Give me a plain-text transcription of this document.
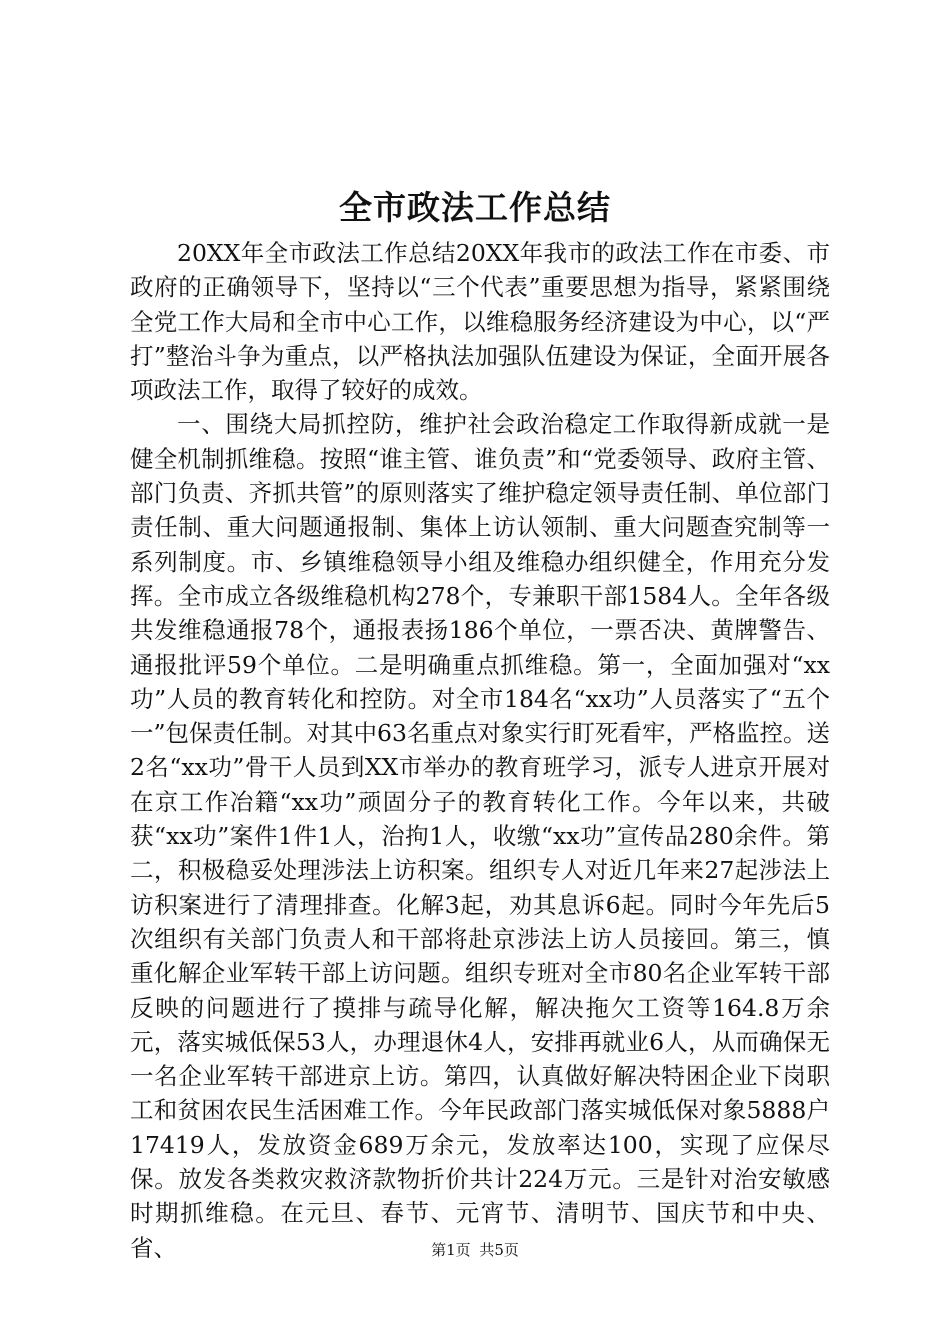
全市政法工作总结

20XX年全市政法工作总结20XX年我市的政法工作在市委、市政府的正确领导下，坚持以“三个代表”重要思想为指导，紧紧围绕全党工作大局和全市中心工作，以维稳服务经济建设为中心，以“严打”整治斗争为重点，以严格执法加强队伍建设为保证，全面开展各项政法工作，取得了较好的成效。

一、围绕大局抓控防，维护社会政治稳定工作取得新成就一是健全机制抓维稳。按照“谁主管、谁负责”和“党委领导、政府主管、部门负责、齐抓共管”的原则落实了维护稳定领导责任制、单位部门责任制、重大问题通报制、集体上访认领制、重大问题查究制等一系列制度。市、乡镇维稳领导小组及维稳办组织健全，作用充分发挥。全市成立各级维稳机构278个，专兼职干部1584人。全年各级共发维稳通报78个，通报表扬186个单位，一票否决、黄牌警告、通报批评59个单位。二是明确重点抓维稳。第一，全面加强对“xx功”人员的教育转化和控防。对全市184名“xx功”人员落实了“五个一”包保责任制。对其中63名重点对象实行盯死看牢，严格监控。送2名“xx功”骨干人员到XX市举办的教育班学习，派专人进京开展对在京工作冶籍“xx功”顽固分子的教育转化工作。今年以来，共破获“xx功”案件1件1人，治拘1人，收缴“xx功”宣传品280余件。第二，积极稳妥处理涉法上访积案。组织专人对近几年来27起涉法上访积案进行了清理排查。化解3起，劝其息诉6起。同时今年先后5次组织有关部门负责人和干部将赴京涉法上访人员接回。第三，慎重化解企业军转干部上访问题。组织专班对全市80名企业军转干部反映的问题进行了摸排与疏导化解，解决拖欠工资等164.8万余元，落实城低保53人，办理退休4人，安排再就业6人，从而确保无一名企业军转干部进京上访。第四，认真做好解决特困企业下岗职工和贫困农民生活困难工作。今年民政部门落实城低保对象5888户17419人，发放资金689万余元，发放率达100，实现了应保尽保。放发各类救灾救济款物折价共计224万元。三是针对治安敏感时期抓维稳。在元旦、春节、元宵节、清明节、国庆节和中央、省、	第1页 共5页
